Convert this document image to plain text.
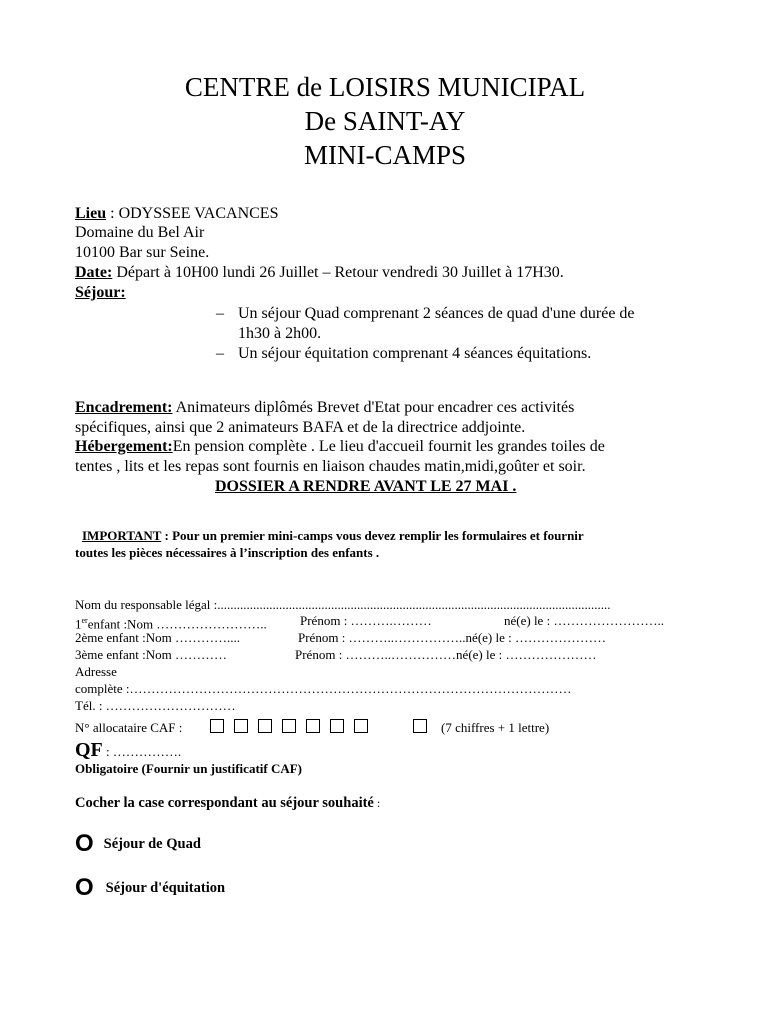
CENTRE de LOISIRS MUNICIPAL
De SAINT-AY
MINI-CAMPS
Lieu : ODYSSEE VACANCES
Domaine du Bel Air
10100 Bar sur Seine.
Date: Départ à 10H00 lundi 26 Juillet – Retour vendredi 30 Juillet à 17H30.
Séjour:
– Un séjour Quad comprenant 2 séances de quad d'une durée de
1h30 à 2h00.
– Un séjour équitation comprenant 4 séances équitations.
Encadrement: Animateurs diplômés Brevet d'Etat pour encadrer ces activités
spécifiques, ainsi que 2 animateurs BAFA et de la directrice addjointe.
Hébergement:En pension complète . Le lieu d'accueil fournit les grandes toiles de
tentes , lits et les repas sont fournis en liaison chaudes matin,midi,goûter et soir.
DOSSIER A RENDRE AVANT LE 27 MAI .
IMPORTANT : Pour un premier mini-camps vous devez remplir les formulaires et fournir
toutes les pièces nécessaires à l’inscription des enfants .
Nom du responsable légal :.........................................................................................................................
1erenfant :Nom ……………………..	Prénom : ……….………	né(e) le : ……………………..
2ème enfant :Nom …………....	Prénom : ………..……………..né(e) le : …………………
3ème enfant :Nom …………	Prénom : ………..……………né(e) le : …………………
Adresse
complète :…………………………………………………………………………………………
Tél. : …………………………
N° allocataire CAF :	(7 chiffres + 1 lettre)
QF : …………….
Obligatoire (Fournir un justificatif CAF)
Cocher la case correspondant au séjour souhaité :
O Séjour de Quad
O Séjour d'équitation
